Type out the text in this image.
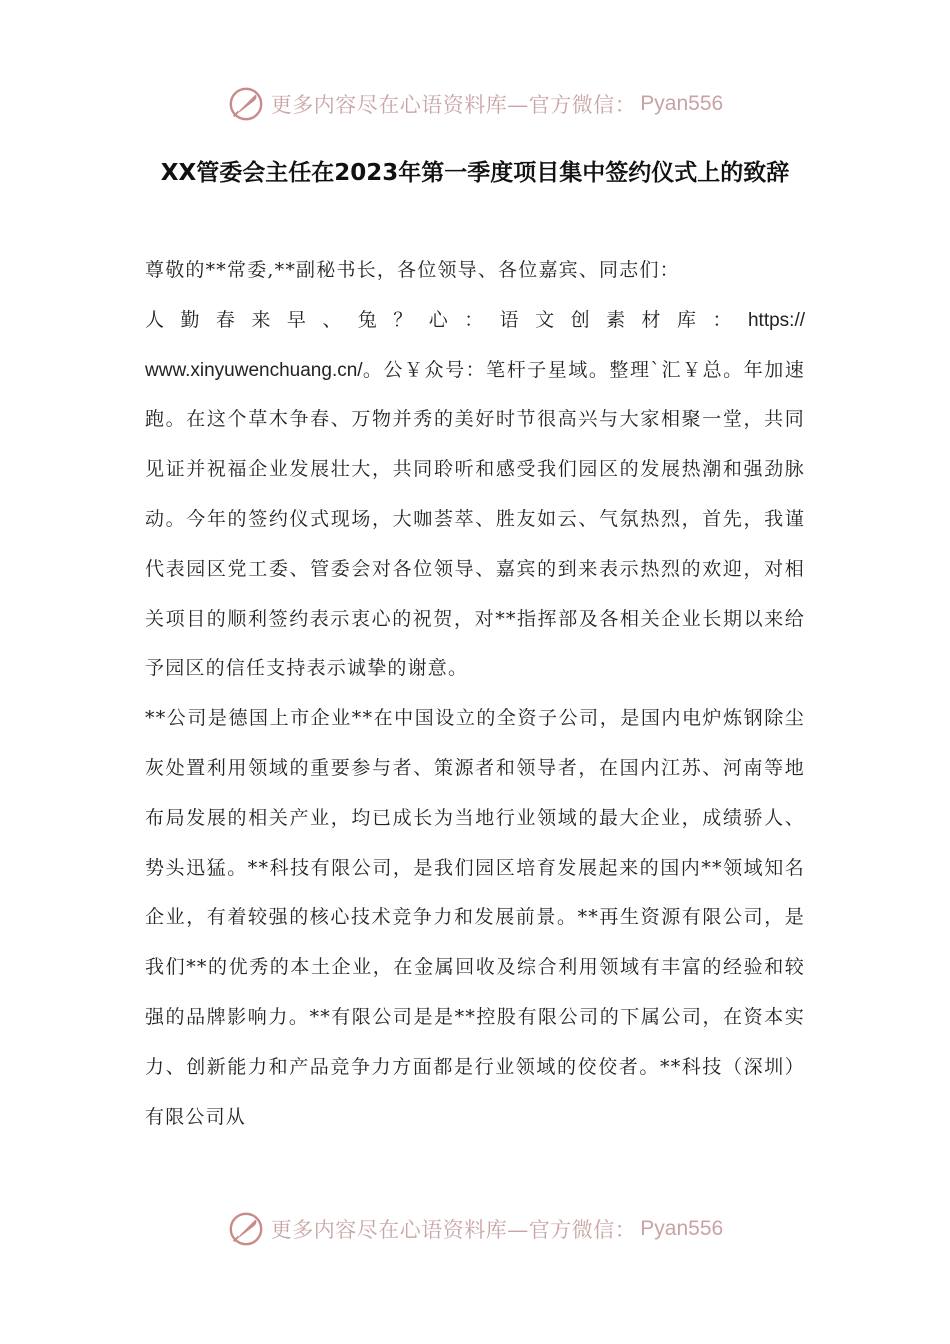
更多内容尽在心语资料库—官方微信： Pyan556
XX管委会主任在2023年第一季度项目集中签约仪式上的致辞

尊敬的**常委,**副秘书长，各位领导、各位嘉宾、同志们：

人勤春来早、兔？心：语文创素材库：https://

www.xinyuwenchuang.cn/。公￥众号：笔杆子星域。整理`汇￥总。年加速跑。在这个草木争春、万物并秀的美好时节很高兴与大家相聚一堂，共同见证并祝福企业发展壮大，共同聆听和感受我们园区的发展热潮和强劲脉动。今年的签约仪式现场，大咖荟萃、胜友如云、气氛热烈，首先，我谨代表园区党工委、管委会对各位领导、嘉宾的到来表示热烈的欢迎，对相关项目的顺利签约表示衷心的祝贺，对**指挥部及各相关企业长期以来给予园区的信任支持表示诚挚的谢意。

**公司是德国上市企业**在中国设立的全资子公司，是国内电炉炼钢除尘灰处置利用领域的重要参与者、策源者和领导者，在国内江苏、河南等地布局发展的相关产业，均已成长为当地行业领域的最大企业，成绩骄人、势头迅猛。**科技有限公司，是我们园区培育发展起来的国内**领域知名企业，有着较强的核心技术竞争力和发展前景。**再生资源有限公司，是我们**的优秀的本土企业，在金属回收及综合利用领域有丰富的经验和较强的品牌影响力。**有限公司是是**控股有限公司的下属公司，在资本实力、创新能力和产品竞争力方面都是行业领域的佼佼者。**科技（深圳）有限公司从

更多内容尽在心语资料库—官方微信： Pyan556
